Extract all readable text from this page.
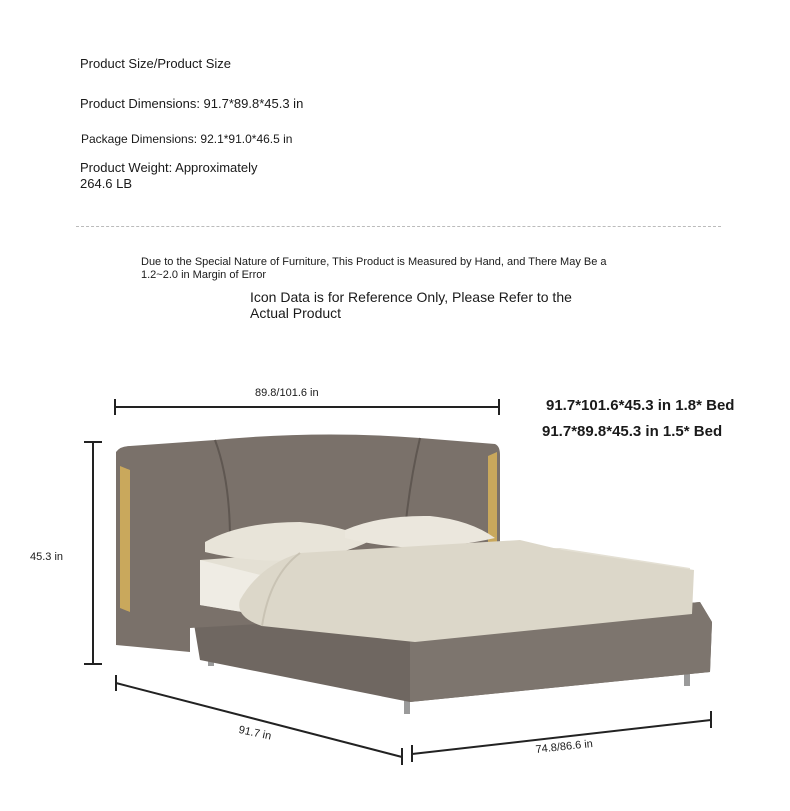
Product Size/Product Size
Product Dimensions: 91.7*89.8*45.3 in
Package Dimensions: 92.1*91.0*46.5 in
Product Weight: Approximately
264.6 LB
Due to the Special Nature of Furniture, This Product is Measured by Hand, and There May Be a
1.2~2.0 in Margin of Error
Icon Data is for Reference Only, Please Refer to the
Actual Product
91.7*101.6*45.3 in 1.8* Bed
91.7*89.8*45.3 in 1.5* Bed
89.8/101.6 in
45.3 in
91.7 in
74.8/86.6 in
